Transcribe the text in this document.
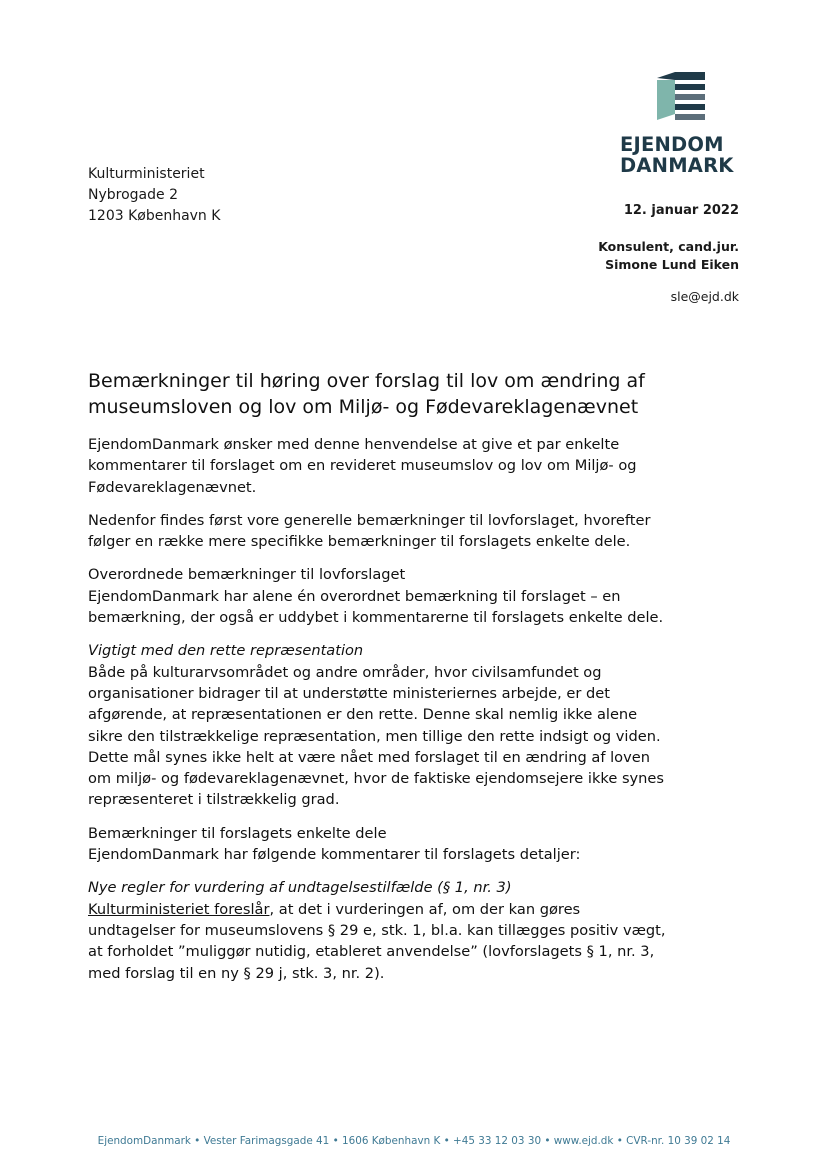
EJENDOM
DANMARK
Kulturministeriet
Nybrogade 2
1203 København K	12. januar 2022
Konsulent, cand.jur.
Simone Lund Eiken
sle@ejd.dk
Bemærkninger til høring over forslag til lov om ændring af
museumsloven og lov om Miljø- og Fødevareklagenævnet

EjendomDanmark ønsker med denne henvendelse at give et par enkelte kommentarer til forslaget om en revideret museumslov og lov om Miljø- og Fødevareklagenævnet.

Nedenfor findes først vore generelle bemærkninger til lovforslaget, hvorefter følger en række mere specifikke bemærkninger til forslagets enkelte dele.

Overordnede bemærkninger til lovforslaget
EjendomDanmark har alene én overordnet bemærkning til forslaget – en bemærkning, der også er uddybet i kommentarerne til forslagets enkelte dele.

Vigtigt med den rette repræsentation
Både på kulturarvsområdet og andre områder, hvor civilsamfundet og organisationer bidrager til at understøtte ministeriernes arbejde, er det afgørende, at repræsentationen er den rette. Denne skal nemlig ikke alene sikre den tilstrækkelige repræsentation, men tillige den rette indsigt og viden. Dette mål synes ikke helt at være nået med forslaget til en ændring af loven om miljø- og fødevareklagenævnet, hvor de faktiske ejendomsejere ikke synes repræsenteret i tilstrækkelig grad.

Bemærkninger til forslagets enkelte dele
EjendomDanmark har følgende kommentarer til forslagets detaljer:

Nye regler for vurdering af undtagelsestilfælde (§ 1, nr. 3)
Kulturministeriet foreslår, at det i vurderingen af, om der kan gøres undtagelser for museumslovens § 29 e, stk. 1, bl.a. kan tillægges positiv vægt, at forholdet ”muliggør nutidig, etableret anvendelse” (lovforslagets § 1, nr. 3, med forslag til en ny § 29 j, stk. 3, nr. 2).

EjendomDanmark • Vester Farimagsgade 41 • 1606 København K • +45 33 12 03 30 • www.ejd.dk • CVR-nr. 10 39 02 14
